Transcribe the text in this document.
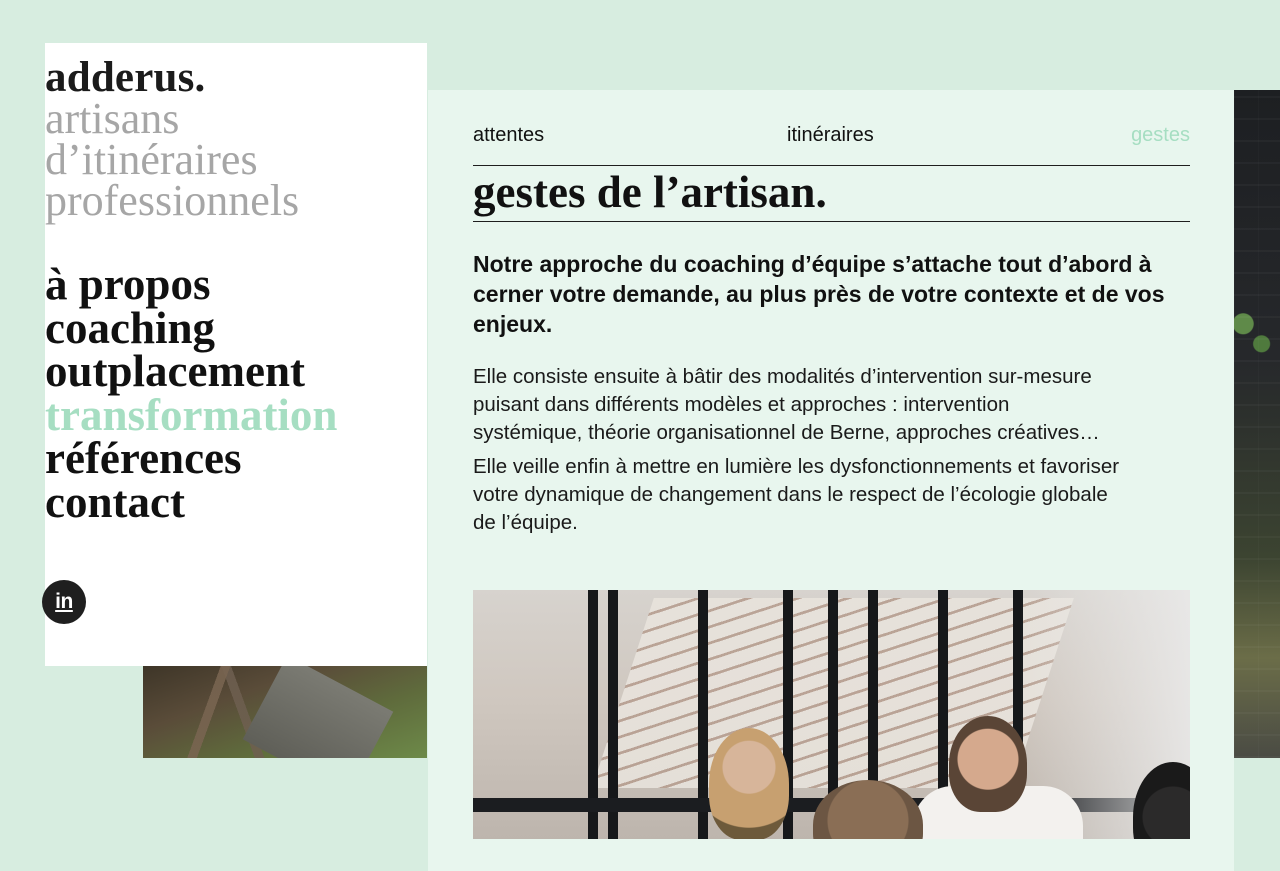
adderus.

artisans
d’itinéraires
professionnels

à propos
coaching
outplacement
transformation
références
contact
in
attentes	itinéraires	gestes
gestes de l’artisan.

Notre approche du coaching d’équipe s’attache tout d’abord à cerner votre demande, au plus près de votre contexte et de vos enjeux.

Elle consiste ensuite à bâtir des modalités d’intervention sur-mesure puisant dans différents modèles et approches : intervention systémique, théorie organisationnel de Berne, approches créatives…

Elle veille enfin à mettre en lumière les dysfonctionnements et favoriser votre dynamique de changement dans le respect de l’écologie globale de l’équipe.
